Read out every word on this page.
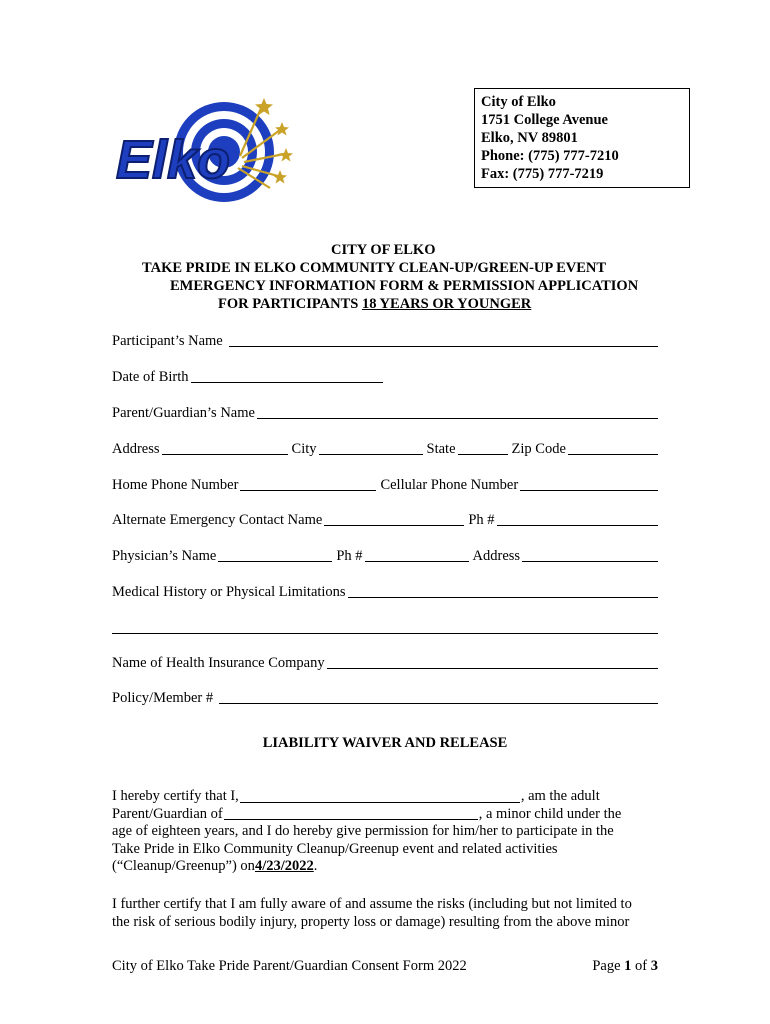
Elko
City of Elko
1751 College Avenue
Elko, NV 89801
Phone: (775) 777-7210
Fax: (775) 777-7219
CITY OF ELKO
TAKE PRIDE IN ELKO COMMUNITY CLEAN-UP/GREEN-UP EVENT
EMERGENCY INFORMATION FORM & PERMISSION APPLICATION
FOR PARTICIPANTS 18 YEARS OR YOUNGER
Participant’s Name
Date of Birth
Parent/Guardian’s Name
Address	City	State	Zip Code
Home Phone Number	Cellular Phone Number
Alternate Emergency Contact Name	Ph #
Physician’s Name	Ph #	Address
Medical History or Physical Limitations
Name of Health Insurance Company
Policy/Member #
LIABILITY WAIVER AND RELEASE
I hereby certify that I,	, am the adult
Parent/Guardian of	, a minor child under the
age of eighteen years, and I do hereby give permission for him/her to participate in the
Take Pride in Elko Community Cleanup/Greenup event and related activities
(“Cleanup/Greenup”) on 4/23/2022 .
I further certify that I am fully aware of and assume the risks (including but not limited to
the risk of serious bodily injury, property loss or damage) resulting from the above minor
City of Elko Take Pride Parent/Guardian Consent Form 2022	Page 1 of 3
